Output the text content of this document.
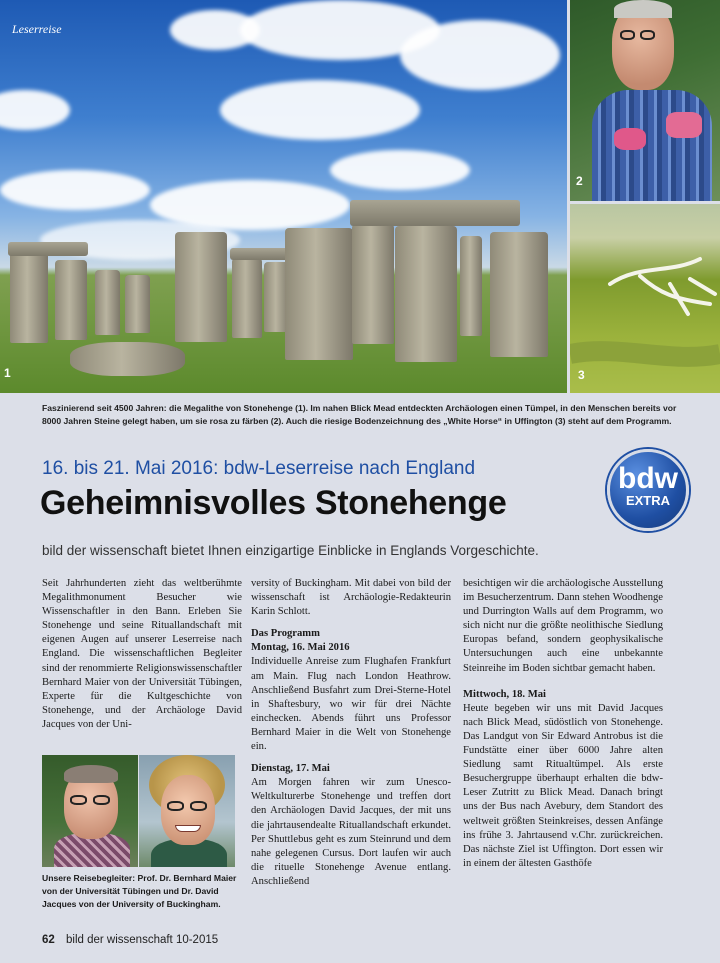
Leserreise
1
2
3
Faszinierend seit 4500 Jahren: die Megalithe von Stonehenge (1). Im nahen Blick Mead entdeckten Archäologen einen Tümpel, in den Menschen bereits vor 8000 Jahren Steine gelegt haben, um sie rosa zu färben (2). Auch die riesige Bodenzeichnung des „White Horse“ in Uffington (3) steht auf dem Programm.
16. bis 21. Mai 2016: bdw-Leserreise nach England
Geheimnisvolles Stonehenge
bild der wissenschaft bietet Ihnen einzigartige Einblicke in Englands Vorgeschichte.
bdw
EXTRA

Seit Jahrhunderten zieht das weltberühmte Megalithmonument Besucher wie Wissenschaftler in den Bann. Erleben Sie Stonehenge und seine Rituallandschaft mit eigenen Augen auf unserer Leserreise nach England. Die wissenschaftlichen Begleiter sind der renommierte Religionswissenschaftler Bernhard Maier von der Universität Tübingen, Experte für die Kultgeschichte von Stonehenge, und der Archäologe David Jacques von der Uni-

Unsere Reisebegleiter: Prof. Dr. Bernhard Maier von der Universität Tübingen und Dr. David Jacques von der University of Buckingham.

versity of Buckingham. Mit dabei von bild der wissenschaft ist Archäologie-Redakteurin Karin Schlott.

Das Programm
Montag, 16. Mai 2016

Individuelle Anreise zum Flughafen Frankfurt am Main. Flug nach London Heathrow. Anschließend Busfahrt zum Drei-Sterne-Hotel in Shaftesbury, wo wir für drei Nächte einchecken. Abends führt uns Professor Bernhard Maier in die Welt von Stonehenge ein.

Dienstag, 17. Mai

Am Morgen fahren wir zum Unesco-Weltkulturerbe Stonehenge und treffen dort den Archäologen David Jacques, der mit uns die jahrtausendealte Rituallandschaft erkundet. Per Shuttlebus geht es zum Steinrund und dem nahe gelegenen Cursus. Dort laufen wir auch die rituelle Stonehenge Avenue entlang. Anschließend

besichtigen wir die archäologische Ausstellung im Besucherzentrum. Dann stehen Woodhenge und Durrington Walls auf dem Programm, wo sich nicht nur die größte neolithische Siedlung Europas befand, sondern geophysikalische Untersuchungen auch eine unbekannte Steinreihe im Boden sichtbar gemacht haben.

Mittwoch, 18. Mai

Heute begeben wir uns mit David Jacques nach Blick Mead, südöstlich von Stonehenge. Das Landgut von Sir Edward Antrobus ist die Fundstätte einer über 6000 Jahre alten Siedlung samt Ritualtümpel. Als erste Besuchergruppe überhaupt erhalten die bdw-Leser Zutritt zu Blick Mead. Danach bringt uns der Bus nach Avebury, dem Standort des weltweit größten Steinkreises, dessen Anfänge ins frühe 3. Jahrtausend v.Chr. zurückreichen. Das nächste Ziel ist Uffington. Dort essen wir in einem der ältesten Gasthöfe

62 bild der wissenschaft 10-2015
